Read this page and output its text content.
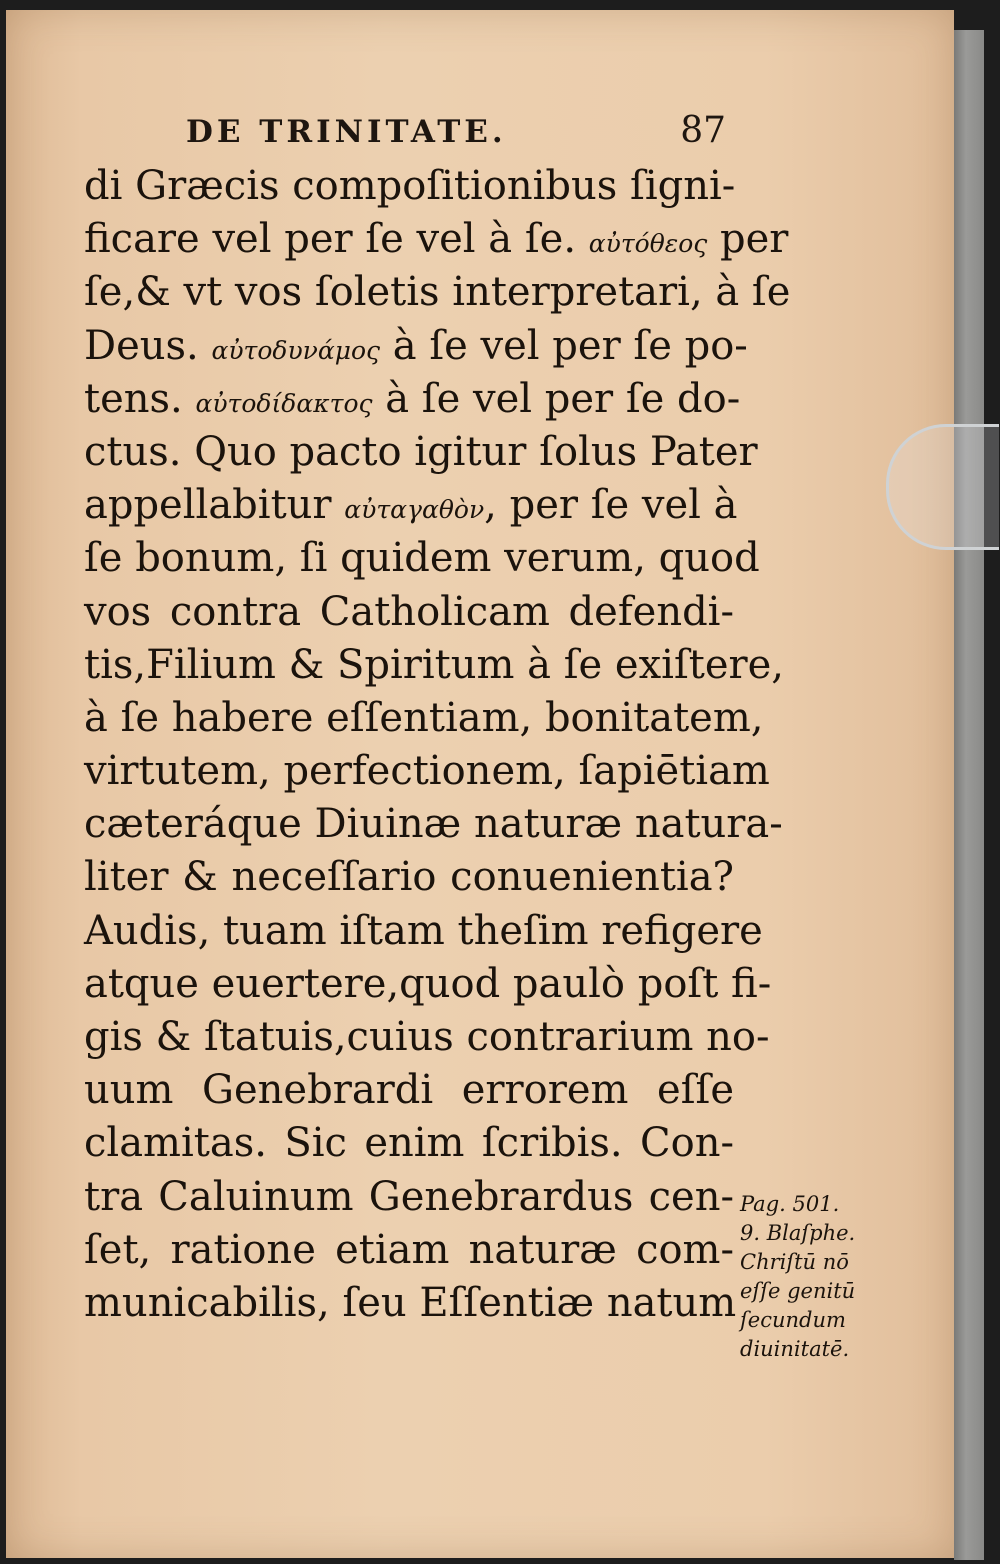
DE TRINITATE.	87
di Græcis compoſitionibus ſigni-
ficare vel per ſe vel à ſe. αὐτόθεος per
ſe,& vt vos ſoletis interpretari, à ſe
Deus. αὐτοδυνάμος à ſe vel per ſe po-
tens. αὐτοδίδακτος à ſe vel per ſe do-
ctus. Quo pacto igitur ſolus Pater
appellabitur αὐταγαθὸν, per ſe vel à
ſe bonum, ſi quidem verum, quod
vos contra Catholicam defendi-
tis,Filium & Spiritum à ſe exiſtere,
à ſe habere eſſentiam, bonitatem,
virtutem, perfectionem, ſapiētiam
cæteráque Diuinæ naturæ natura-
liter & neceſſario conuenientia?
Audis, tuam iſtam theſim refigere
atque euertere,quod paulò poſt fi-
gis & ſtatuis,cuius contrarium no-
uum Genebrardi errorem eſſe
clamitas. Sic enim ſcribis. Con-
tra Caluinum Genebrardus cen-
ſet, ratione etiam naturæ com-
municabilis, ſeu Eſſentiæ natum
Pag. 501.
9. Blaſphe.
Chriſtū nō
eſſe genitū
ſecundum
diuinitatē.
